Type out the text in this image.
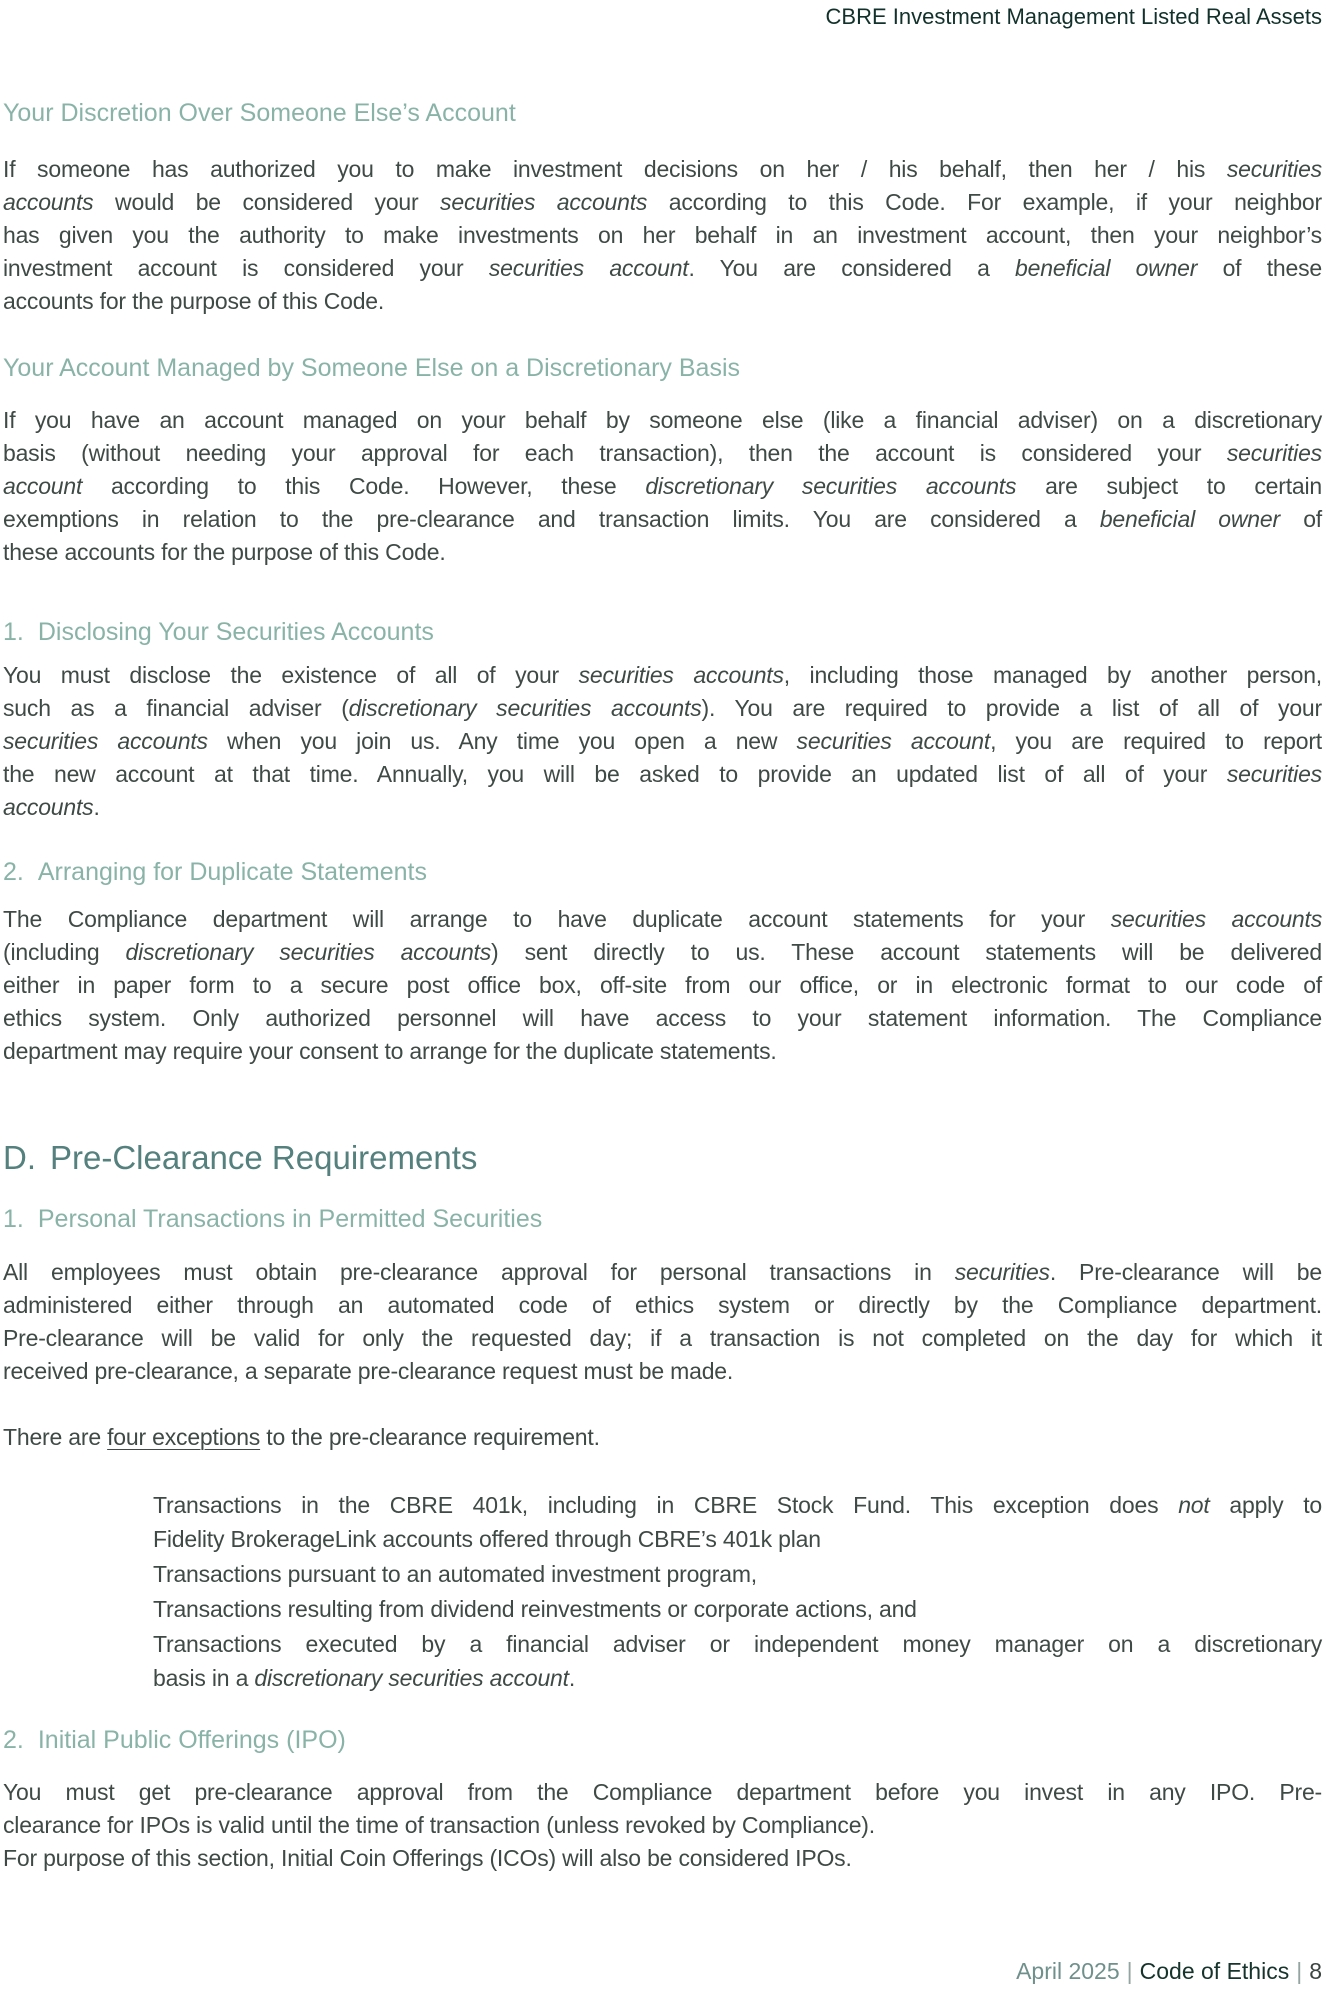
CBRE Investment Management Listed Real Assets
Your Discretion Over Someone Else’s Account
If someone has authorized you to make investment decisions on her / his behalf, then her / his securities
accounts would be considered your securities accounts according to this Code. For example, if your neighbor
has given you the authority to make investments on her behalf in an investment account, then your neighbor’s
investment account is considered your securities account. You are considered a beneficial owner of these
accounts for the purpose of this Code.
Your Account Managed by Someone Else on a Discretionary Basis
If you have an account managed on your behalf by someone else (like a financial adviser) on a discretionary
basis (without needing your approval for each transaction), then the account is considered your securities
account according to this Code. However, these discretionary securities accounts are subject to certain
exemptions in relation to the pre-clearance and transaction limits. You are considered a beneficial owner of
these accounts for the purpose of this Code.
1. Disclosing Your Securities Accounts
You must disclose the existence of all of your securities accounts, including those managed by another person,
such as a financial adviser (discretionary securities accounts). You are required to provide a list of all of your
securities accounts when you join us. Any time you open a new securities account, you are required to report
the new account at that time. Annually, you will be asked to provide an updated list of all of your securities
accounts.
2. Arranging for Duplicate Statements
The Compliance department will arrange to have duplicate account statements for your securities accounts
(including discretionary securities accounts) sent directly to us. These account statements will be delivered
either in paper form to a secure post office box, off-site from our office, or in electronic format to our code of
ethics system. Only authorized personnel will have access to your statement information. The Compliance
department may require your consent to arrange for the duplicate statements.
D. Pre-Clearance Requirements
1. Personal Transactions in Permitted Securities
All employees must obtain pre-clearance approval for personal transactions in securities. Pre-clearance will be
administered either through an automated code of ethics system or directly by the Compliance department.
Pre-clearance will be valid for only the requested day; if a transaction is not completed on the day for which it
received pre-clearance, a separate pre-clearance request must be made.
There are four exceptions to the pre-clearance requirement.
Transactions in the CBRE 401k, including in CBRE Stock Fund. This exception does not apply to
Fidelity BrokerageLink accounts offered through CBRE’s 401k plan
Transactions pursuant to an automated investment program,
Transactions resulting from dividend reinvestments or corporate actions, and
Transactions executed by a financial adviser or independent money manager on a discretionary
basis in a discretionary securities account.
2. Initial Public Offerings (IPO)
You must get pre-clearance approval from the Compliance department before you invest in any IPO. Pre-
clearance for IPOs is valid until the time of transaction (unless revoked by Compliance).
For purpose of this section, Initial Coin Offerings (ICOs) will also be considered IPOs.
April 2025 | Code of Ethics | 8
